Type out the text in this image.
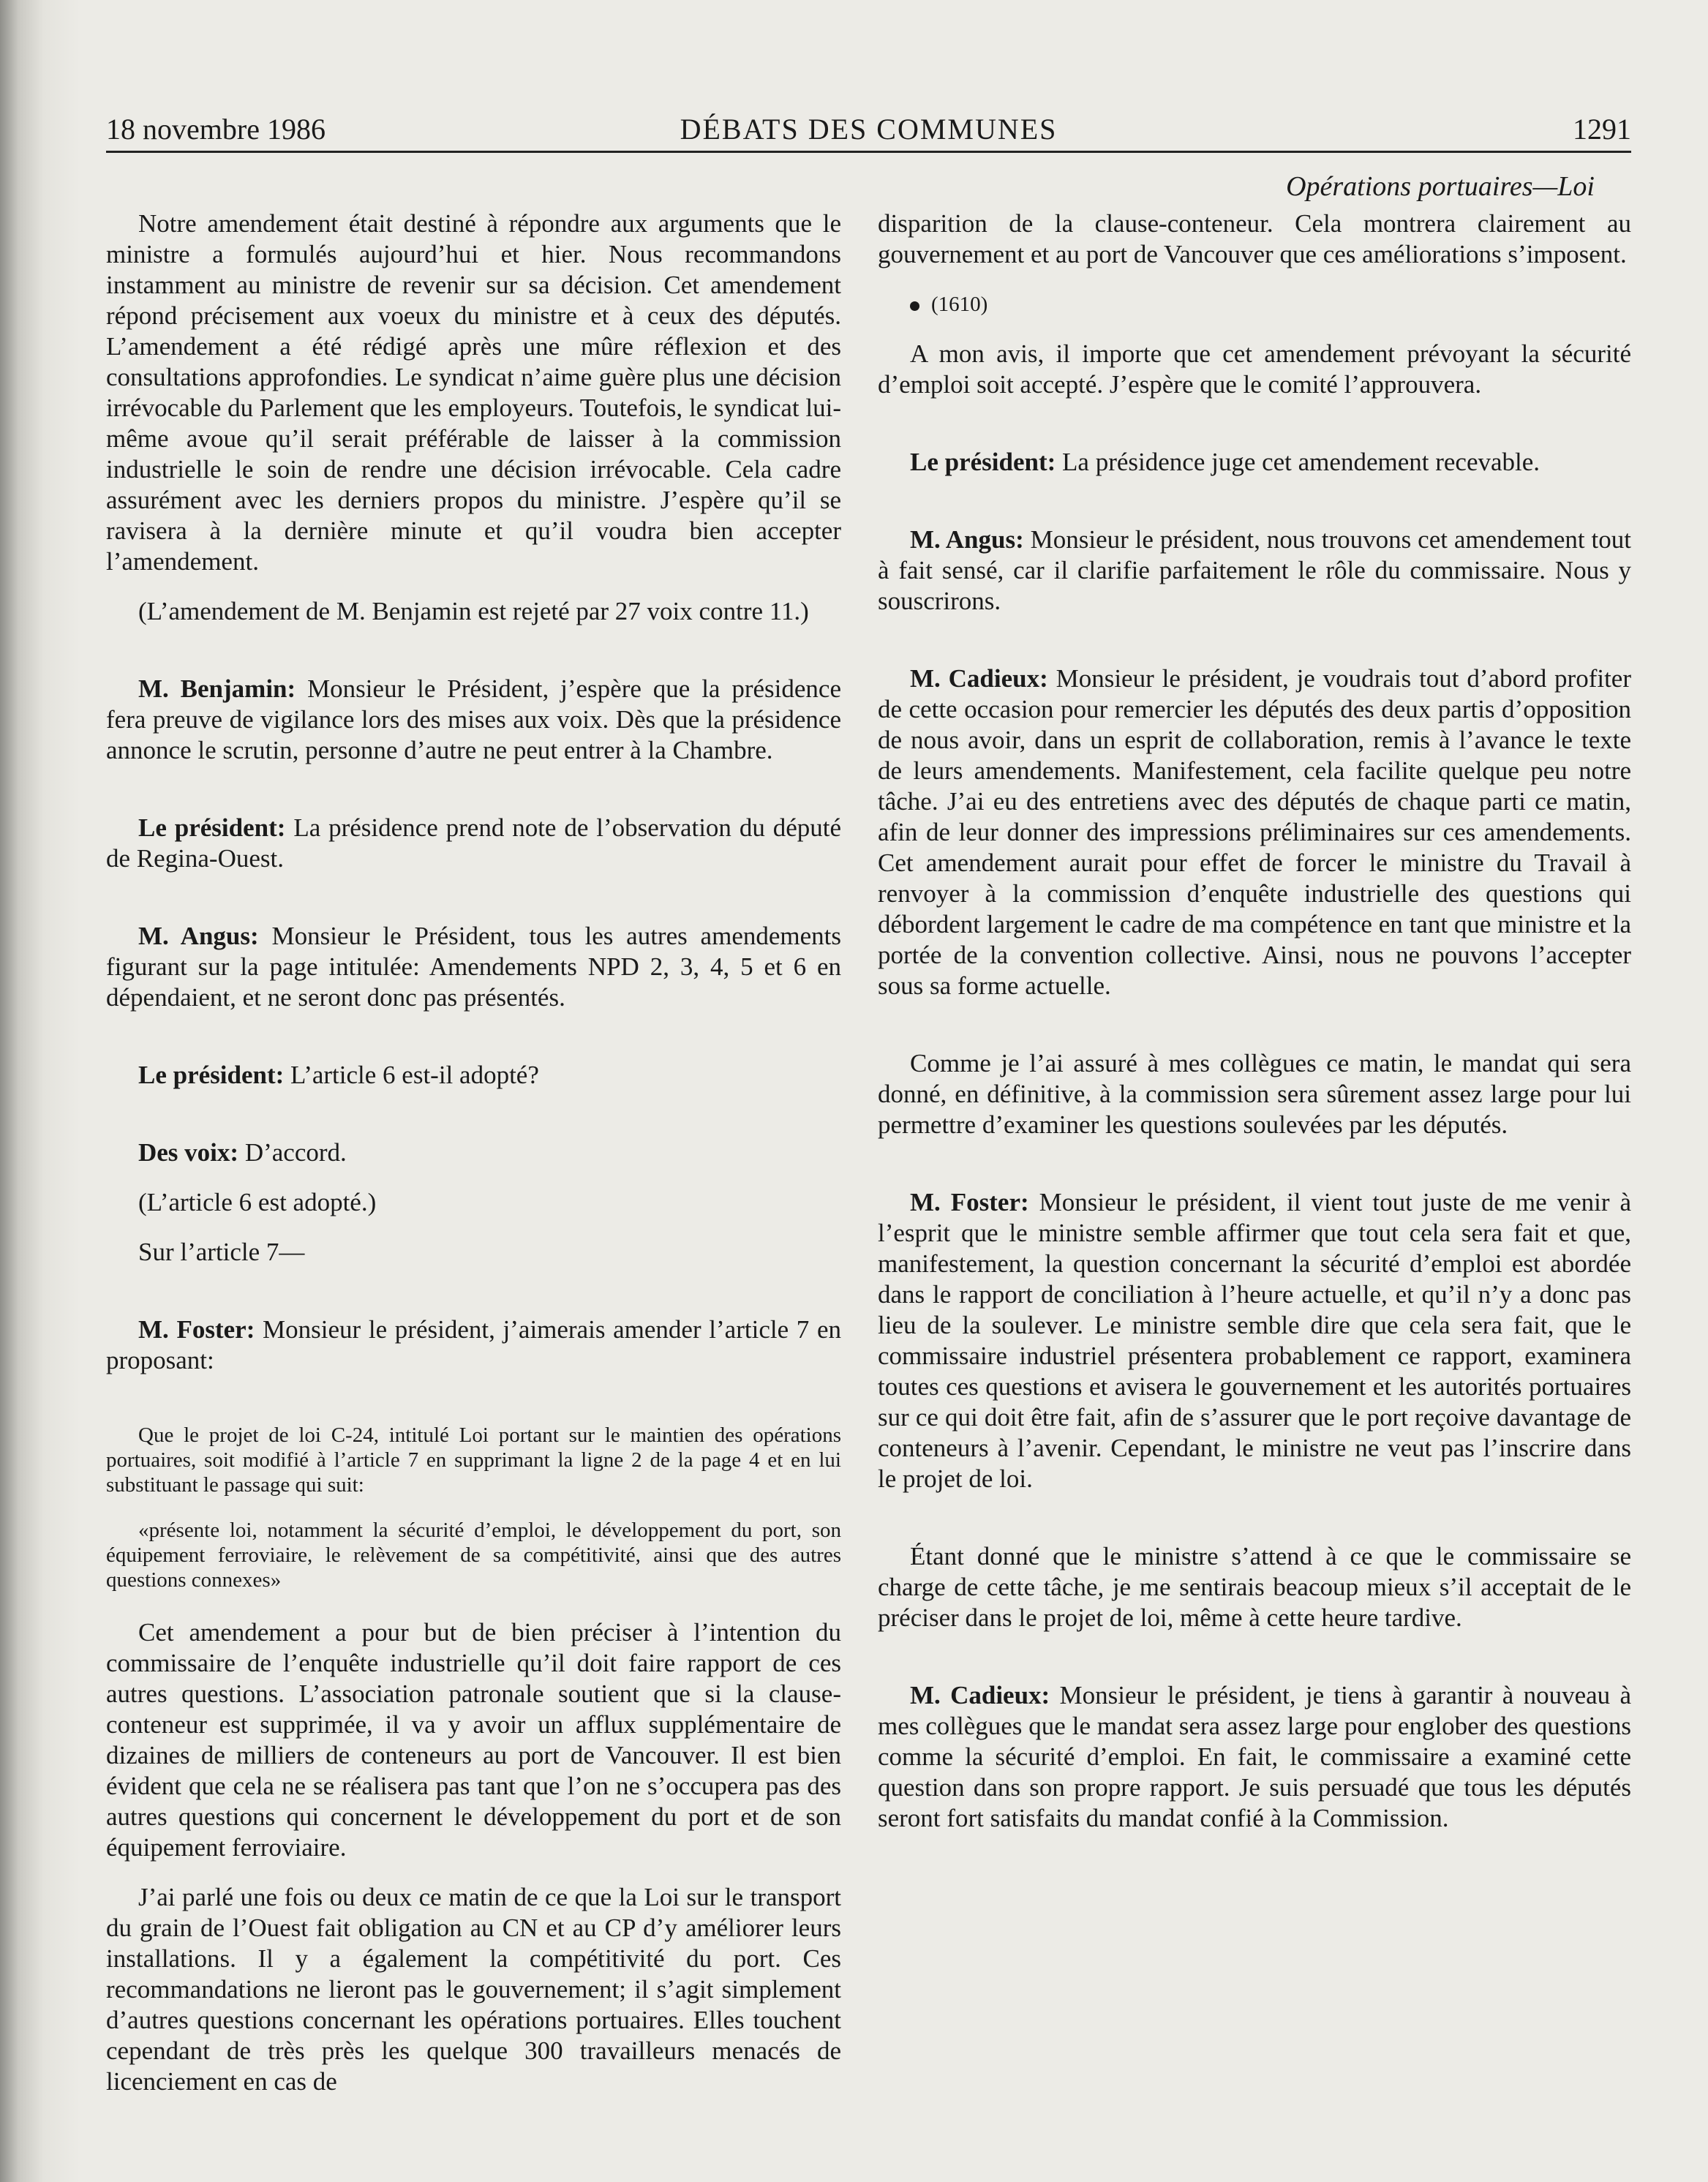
18 novembre 1986	DÉBATS DES COMMUNES	1291
Opérations portuaires—Loi

Notre amendement était destiné à répondre aux arguments que le ministre a formulés aujourd’hui et hier. Nous recommandons instamment au ministre de revenir sur sa décision. Cet amendement répond précisement aux voeux du ministre et à ceux des députés. L’amendement a été rédigé après une mûre réflexion et des consultations approfondies. Le syndicat n’aime guère plus une décision irrévocable du Parlement que les employeurs. Toutefois, le syndicat lui-même avoue qu’il serait préférable de laisser à la commission industrielle le soin de rendre une décision irrévocable. Cela cadre assurément avec les derniers propos du ministre. J’espère qu’il se ravisera à la dernière minute et qu’il voudra bien accepter l’amendement.

(L’amendement de M. Benjamin est rejeté par 27 voix contre 11.)

M. Benjamin: Monsieur le Président, j’espère que la présidence fera preuve de vigilance lors des mises aux voix. Dès que la présidence annonce le scrutin, personne d’autre ne peut entrer à la Chambre.

Le président: La présidence prend note de l’observation du député de Regina-Ouest.

M. Angus: Monsieur le Président, tous les autres amendements figurant sur la page intitulée: Amendements NPD 2, 3, 4, 5 et 6 en dépendaient, et ne seront donc pas présentés.

Le président: L’article 6 est-il adopté?

Des voix: D’accord.

(L’article 6 est adopté.)

Sur l’article 7—

M. Foster: Monsieur le président, j’aimerais amender l’article 7 en proposant:

Que le projet de loi C-24, intitulé Loi portant sur le maintien des opérations portuaires, soit modifié à l’article 7 en supprimant la ligne 2 de la page 4 et en lui substituant le passage qui suit:

«présente loi, notamment la sécurité d’emploi, le développement du port, son équipement ferroviaire, le relèvement de sa compétitivité, ainsi que des autres questions connexes»

Cet amendement a pour but de bien préciser à l’intention du commissaire de l’enquête industrielle qu’il doit faire rapport de ces autres questions. L’association patronale soutient que si la clause-conteneur est supprimée, il va y avoir un afflux supplémentaire de dizaines de milliers de conteneurs au port de Vancouver. Il est bien évident que cela ne se réalisera pas tant que l’on ne s’occupera pas des autres questions qui concernent le développement du port et de son équipement ferroviaire.

J’ai parlé une fois ou deux ce matin de ce que la Loi sur le transport du grain de l’Ouest fait obligation au CN et au CP d’y améliorer leurs installations. Il y a également la compétitivité du port. Ces recommandations ne lieront pas le gouvernement; il s’agit simplement d’autres questions concernant les opérations portuaires. Elles touchent cependant de très près les quelque 300 travailleurs menacés de licenciement en cas de

disparition de la clause-conteneur. Cela montrera clairement au gouvernement et au port de Vancouver que ces améliorations s’imposent.

(1610)

A mon avis, il importe que cet amendement prévoyant la sécurité d’emploi soit accepté. J’espère que le comité l’approuvera.

Le président: La présidence juge cet amendement recevable.

M. Angus: Monsieur le président, nous trouvons cet amendement tout à fait sensé, car il clarifie parfaitement le rôle du commissaire. Nous y souscrirons.

M. Cadieux: Monsieur le président, je voudrais tout d’abord profiter de cette occasion pour remercier les députés des deux partis d’opposition de nous avoir, dans un esprit de collaboration, remis à l’avance le texte de leurs amendements. Manifestement, cela facilite quelque peu notre tâche. J’ai eu des entretiens avec des députés de chaque parti ce matin, afin de leur donner des impressions préliminaires sur ces amendements. Cet amendement aurait pour effet de forcer le ministre du Travail à renvoyer à la commission d’enquête industrielle des questions qui débordent largement le cadre de ma compétence en tant que ministre et la portée de la convention collective. Ainsi, nous ne pouvons l’accepter sous sa forme actuelle.

Comme je l’ai assuré à mes collègues ce matin, le mandat qui sera donné, en définitive, à la commission sera sûrement assez large pour lui permettre d’examiner les questions soulevées par les députés.

M. Foster: Monsieur le président, il vient tout juste de me venir à l’esprit que le ministre semble affirmer que tout cela sera fait et que, manifestement, la question concernant la sécurité d’emploi est abordée dans le rapport de conciliation à l’heure actuelle, et qu’il n’y a donc pas lieu de la soulever. Le ministre semble dire que cela sera fait, que le commissaire industriel présentera probablement ce rapport, examinera toutes ces questions et avisera le gouvernement et les autorités portuaires sur ce qui doit être fait, afin de s’assurer que le port reçoive davantage de conteneurs à l’avenir. Cependant, le ministre ne veut pas l’inscrire dans le projet de loi.

Étant donné que le ministre s’attend à ce que le commissaire se charge de cette tâche, je me sentirais beacoup mieux s’il acceptait de le préciser dans le projet de loi, même à cette heure tardive.

M. Cadieux: Monsieur le président, je tiens à garantir à nouveau à mes collègues que le mandat sera assez large pour englober des questions comme la sécurité d’emploi. En fait, le commissaire a examiné cette question dans son propre rapport. Je suis persuadé que tous les députés seront fort satisfaits du mandat confié à la Commission.
